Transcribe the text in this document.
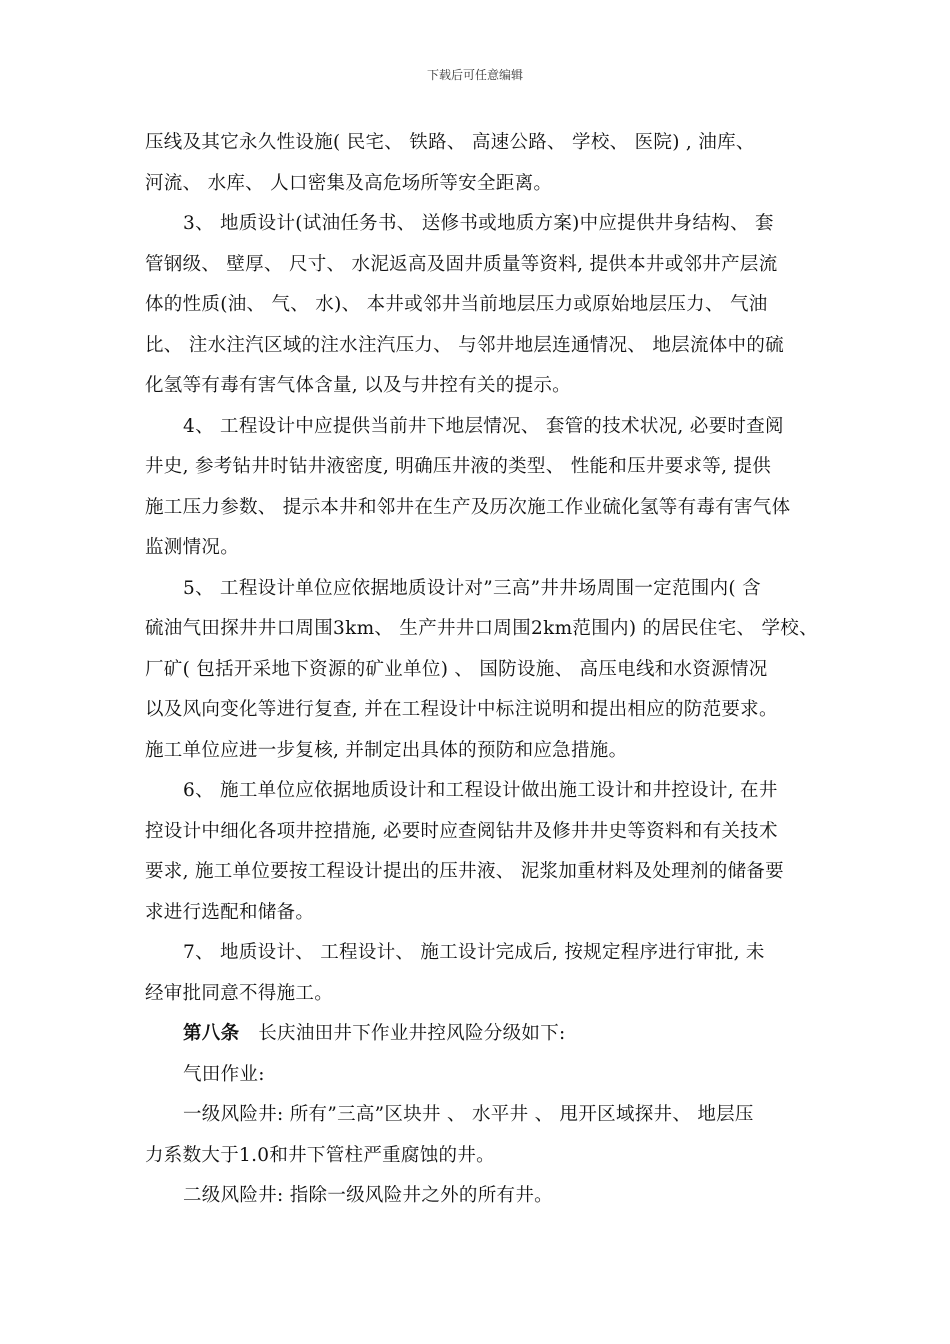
下载后可任意编辑
压线及其它永久性设施( 民宅、 铁路、 高速公路、 学校、 医院) , 油库、
河流、 水库、 人口密集及高危场所等安全距离。
3、 地质设计(试油任务书、 送修书或地质方案)中应提供井身结构、 套
管钢级、 壁厚、 尺寸、 水泥返高及固井质量等资料, 提供本井或邻井产层流
体的性质(油、 气、 水)、 本井或邻井当前地层压力或原始地层压力、 气油
比、 注水注汽区域的注水注汽压力、 与邻井地层连通情况、 地层流体中的硫
化氢等有毒有害气体含量, 以及与井控有关的提示。
4、 工程设计中应提供当前井下地层情况、 套管的技术状况, 必要时查阅
井史, 参考钻井时钻井液密度, 明确压井液的类型、 性能和压井要求等, 提供
施工压力参数、 提示本井和邻井在生产及历次施工作业硫化氢等有毒有害气体
监测情况。
5、 工程设计单位应依据地质设计对”三高”井井场周围一定范围内( 含
硫油气田探井井口周围3km、 生产井井口周围2km范围内) 的居民住宅、 学校、
厂矿( 包括开采地下资源的矿业单位) 、 国防设施、 高压电线和水资源情况
以及风向变化等进行复查, 并在工程设计中标注说明和提出相应的防范要求。
施工单位应进一步复核, 并制定出具体的预防和应急措施。
6、 施工单位应依据地质设计和工程设计做出施工设计和井控设计, 在井
控设计中细化各项井控措施, 必要时应查阅钻井及修井井史等资料和有关技术
要求, 施工单位要按工程设计提出的压井液、 泥浆加重材料及处理剂的储备要
求进行选配和储备。
7、 地质设计、 工程设计、 施工设计完成后, 按规定程序进行审批, 未
经审批同意不得施工。
第八条　 长庆油田井下作业井控风险分级如下:
气田作业:
一级风险井: 所有”三高”区块井 、 水平井 、 甩开区域探井、 地层压
力系数大于1.0和井下管柱严重腐蚀的井。
二级风险井: 指除一级风险井之外的所有井。
